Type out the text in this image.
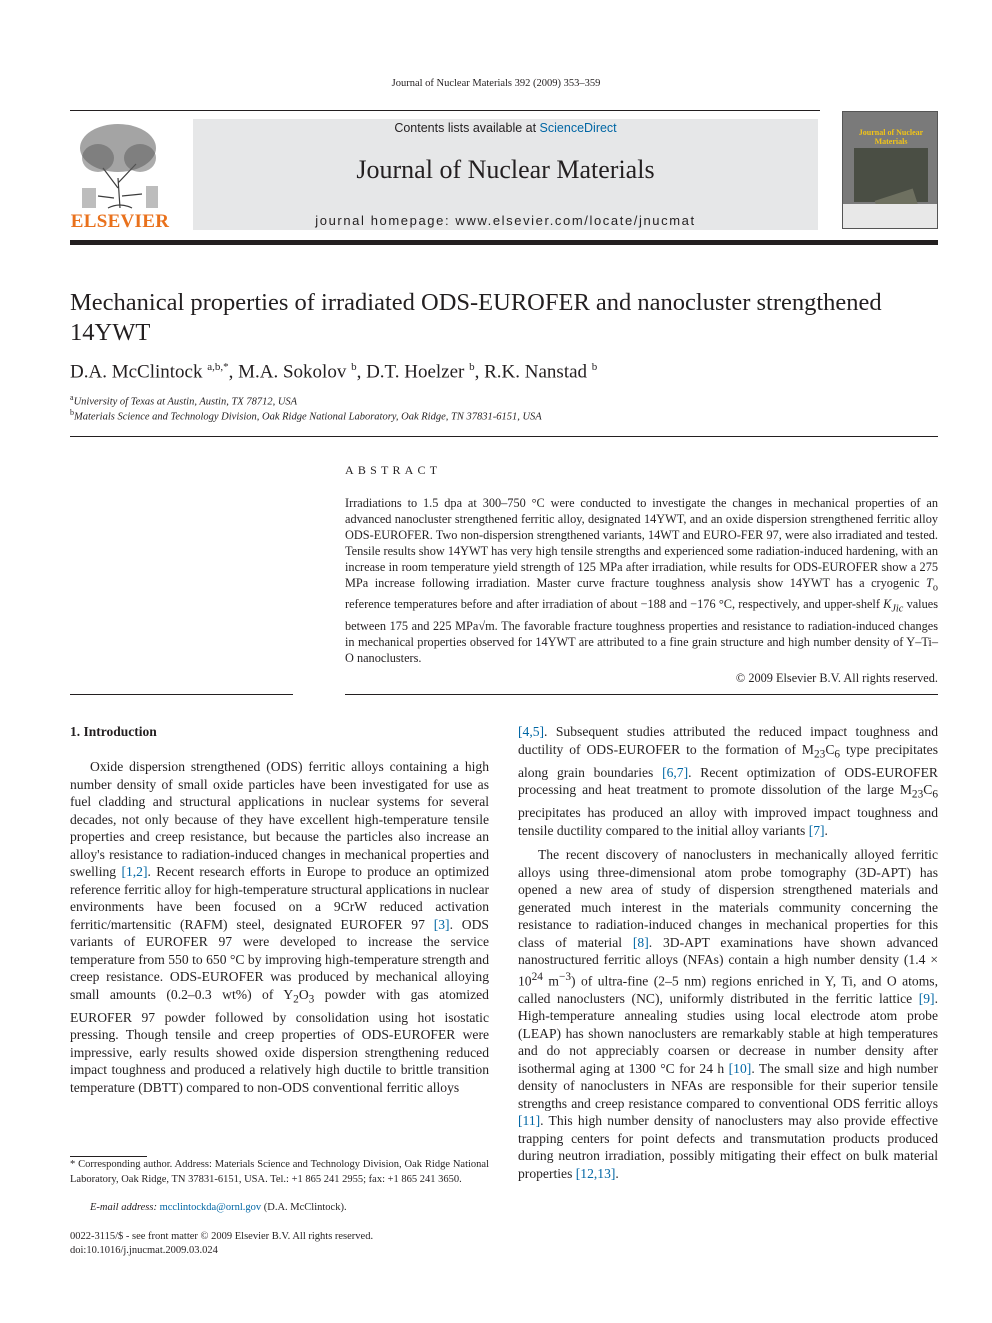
Journal of Nuclear Materials 392 (2009) 353–359
ELSEVIER
Contents lists available at ScienceDirect
Journal of Nuclear Materials
journal homepage: www.elsevier.com/locate/jnucmat
Journal of Nuclear Materials
Mechanical properties of irradiated ODS-EUROFER and nanocluster strengthened 14YWT
D.A. McClintock $^{a,b,*}$, M.A. Sokolov $^b$, D.T. Hoelzer $^b$, R.K. Nanstad $^b$
$^a$University of Texas at Austin, Austin, TX 78712, USA
$^b$Materials Science and Technology Division, Oak Ridge National Laboratory, Oak Ridge, TN 37831-6151, USA
ABSTRACT
Irradiations to 1.5 dpa at 300–750 °C were conducted to investigate the changes in mechanical properties of an advanced nanocluster strengthened ferritic alloy, designated 14YWT, and an oxide dispersion strengthened ferritic alloy ODS-EUROFER. Two non-dispersion strengthened variants, 14WT and EURO-FER 97, were also irradiated and tested. Tensile results show 14YWT has very high tensile strengths and experienced some radiation-induced hardening, with an increase in room temperature yield strength of 125 MPa after irradiation, while results for ODS-EUROFER show a 275 MPa increase following irradiation. Master curve fracture toughness analysis show 14YWT has a cryogenic $T_o$ reference temperatures before and after irradiation of about −188 and −176 °C, respectively, and upper-shelf $K_{Jic}$ values between 175 and 225 MPa√m. The favorable fracture toughness properties and resistance to radiation-induced changes in mechanical properties observed for 14YWT are attributed to a fine grain structure and high number density of Y–Ti–O nanoclusters.
© 2009 Elsevier B.V. All rights reserved.
1. Introduction
Oxide dispersion strengthened (ODS) ferritic alloys containing a high number density of small oxide particles have been investigated for use as fuel cladding and structural applications in nuclear systems for several decades, not only because of they have excellent high-temperature tensile properties and creep resistance, but because the particles also increase an alloy's resistance to radiation-induced changes in mechanical properties and swelling [1,2]. Recent research efforts in Europe to produce an optimized reference ferritic alloy for high-temperature structural applications in nuclear environments have been focused on a 9CrW reduced activation ferritic/martensitic (RAFM) steel, designated EUROFER 97 [3]. ODS variants of EUROFER 97 were developed to increase the service temperature from 550 to 650 °C by improving high-temperature strength and creep resistance. ODS-EUROFER was produced by mechanical alloying small amounts (0.2–0.3 wt%) of $Y_2O_3$ powder with gas atomized EUROFER 97 powder followed by consolidation using hot isostatic pressing. Though tensile and creep properties of ODS-EUROFER were impressive, early results showed oxide dispersion strengthening reduced impact toughness and produced a relatively high ductile to brittle transition temperature (DBTT) compared to non-ODS conventional ferritic alloys
[4,5]. Subsequent studies attributed the reduced impact toughness and ductility of ODS-EUROFER to the formation of $M_{23}C_6$ type precipitates along grain boundaries [6,7]. Recent optimization of ODS-EUROFER processing and heat treatment to promote dissolution of the large $M_{23}C_6$ precipitates has produced an alloy with improved impact toughness and tensile ductility compared to the initial alloy variants [7].
The recent discovery of nanoclusters in mechanically alloyed ferritic alloys using three-dimensional atom probe tomography (3D-APT) has opened a new area of study of dispersion strengthened materials and generated much interest in the materials community concerning the resistance to radiation-induced changes in mechanical properties for this class of material [8]. 3D-APT examinations have shown advanced nanostructured ferritic alloys (NFAs) contain a high number density ($1.4 \times 10^{24}$ $m^{-3}$) of ultra-fine (2–5 nm) regions enriched in Y, Ti, and O atoms, called nanoclusters (NC), uniformly distributed in the ferritic lattice [9]. High-temperature annealing studies using local electrode atom probe (LEAP) has shown nanoclusters are remarkably stable at high temperatures and do not appreciably coarsen or decrease in number density after isothermal aging at 1300 °C for 24 h [10]. The small size and high number density of nanoclusters in NFAs are responsible for their superior tensile strengths and creep resistance compared to conventional ODS ferritic alloys [11]. This high number density of nanoclusters may also provide effective trapping centers for point defects and transmutation products produced during neutron irradiation, possibly mitigating their effect on bulk material properties [12,13].
* Corresponding author. Address: Materials Science and Technology Division, Oak Ridge National Laboratory, Oak Ridge, TN 37831-6151, USA. Tel.: +1 865 241 2955; fax: +1 865 241 3650.
E-mail address: mcclintockda@ornl.gov (D.A. McClintock).
0022-3115/$ - see front matter © 2009 Elsevier B.V. All rights reserved.
doi:10.1016/j.jnucmat.2009.03.024
